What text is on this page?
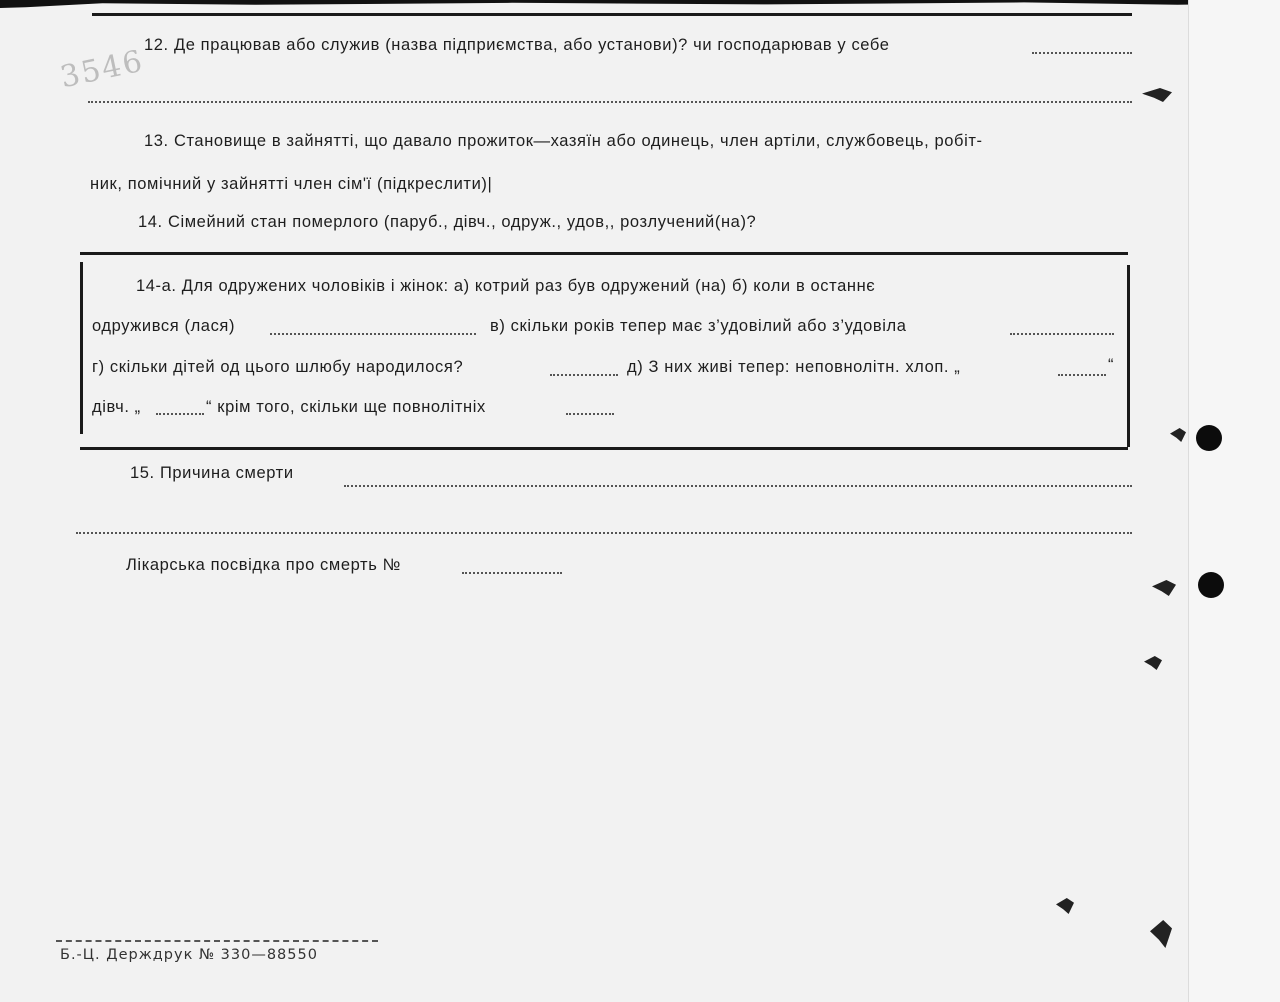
3546
12. Де працював або служив (назва підприємства, або установи)? чи господарював у себе
13. Становище в зайнятті, що давало прожиток—хазяїн або одинець, член артіли, службовець, робіт-
ник, помічний у зайнятті член сім'ї (підкреслити)|
14. Сімейний стан померлого (паруб., дівч., одруж., удов,, розлучений(на)?
14-а. Для одружених чоловіків і жінок: а) котрий раз був одружений (на) б) коли в останнє
одружився (лася)	в) скільки років тепер має з’удовілий або з’удовіла
г) скільки дітей од цього шлюбу народилося?	д) З них живі тепер: неповнолітн. хлоп. „	“
дівч. „	“ крім того, скільки ще повнолітніх
15. Причина смерти
Лікарська посвідка про смерть №
Б.-Ц. Держдрук № 330—88550
